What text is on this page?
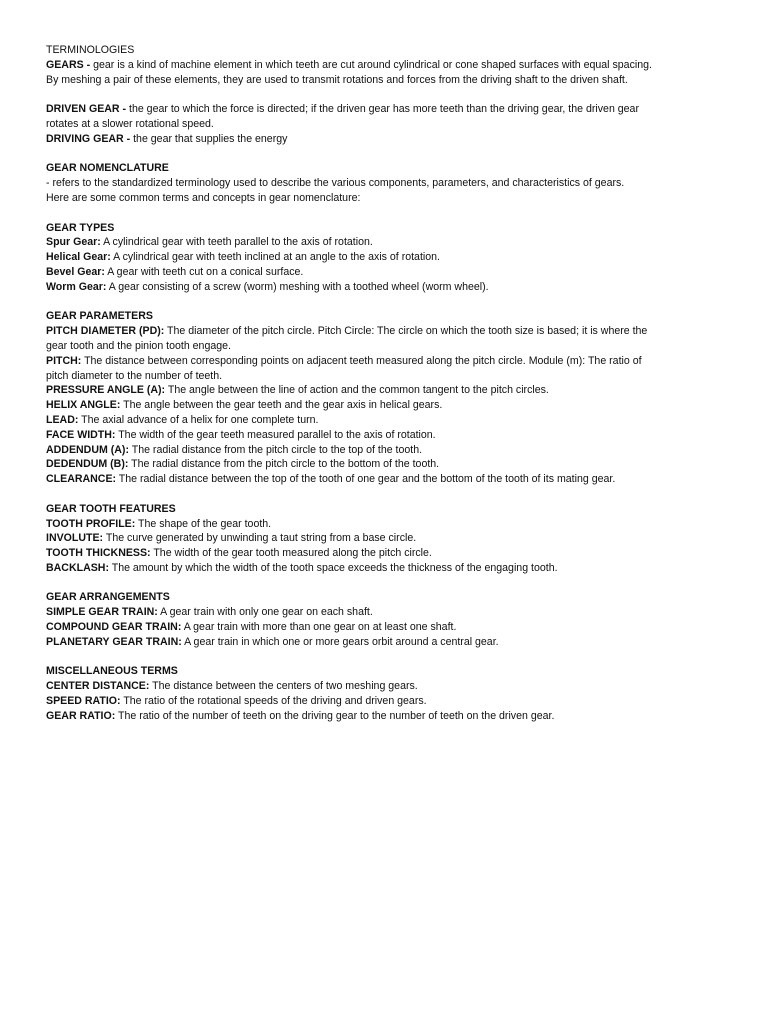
TERMINOLOGIES
GEARS - gear is a kind of machine element in which teeth are cut around cylindrical or cone shaped surfaces with equal spacing.
By meshing a pair of these elements, they are used to transmit rotations and forces from the driving shaft to the driven shaft.
DRIVEN GEAR - the gear to which the force is directed; if the driven gear has more teeth than the driving gear, the driven gear
rotates at a slower rotational speed.
DRIVING GEAR - the gear that supplies the energy
GEAR NOMENCLATURE
- refers to the standardized terminology used to describe the various components, parameters, and characteristics of gears.
Here are some common terms and concepts in gear nomenclature:
GEAR TYPES
Spur Gear: A cylindrical gear with teeth parallel to the axis of rotation.
Helical Gear: A cylindrical gear with teeth inclined at an angle to the axis of rotation.
Bevel Gear: A gear with teeth cut on a conical surface.
Worm Gear: A gear consisting of a screw (worm) meshing with a toothed wheel (worm wheel).
GEAR PARAMETERS
PITCH DIAMETER (PD): The diameter of the pitch circle. Pitch Circle: The circle on which the tooth size is based; it is where the
gear tooth and the pinion tooth engage.
PITCH: The distance between corresponding points on adjacent teeth measured along the pitch circle. Module (m): The ratio of
pitch diameter to the number of teeth.
PRESSURE ANGLE (A): The angle between the line of action and the common tangent to the pitch circles.
HELIX ANGLE: The angle between the gear teeth and the gear axis in helical gears.
LEAD: The axial advance of a helix for one complete turn.
FACE WIDTH: The width of the gear teeth measured parallel to the axis of rotation.
ADDENDUM (A): The radial distance from the pitch circle to the top of the tooth.
DEDENDUM (B): The radial distance from the pitch circle to the bottom of the tooth.
CLEARANCE: The radial distance between the top of the tooth of one gear and the bottom of the tooth of its mating gear.
GEAR TOOTH FEATURES
TOOTH PROFILE: The shape of the gear tooth.
INVOLUTE: The curve generated by unwinding a taut string from a base circle.
TOOTH THICKNESS: The width of the gear tooth measured along the pitch circle.
BACKLASH: The amount by which the width of the tooth space exceeds the thickness of the engaging tooth.
GEAR ARRANGEMENTS
SIMPLE GEAR TRAIN: A gear train with only one gear on each shaft.
COMPOUND GEAR TRAIN: A gear train with more than one gear on at least one shaft.
PLANETARY GEAR TRAIN: A gear train in which one or more gears orbit around a central gear.
MISCELLANEOUS TERMS
CENTER DISTANCE: The distance between the centers of two meshing gears.
SPEED RATIO: The ratio of the rotational speeds of the driving and driven gears.
GEAR RATIO: The ratio of the number of teeth on the driving gear to the number of teeth on the driven gear.
